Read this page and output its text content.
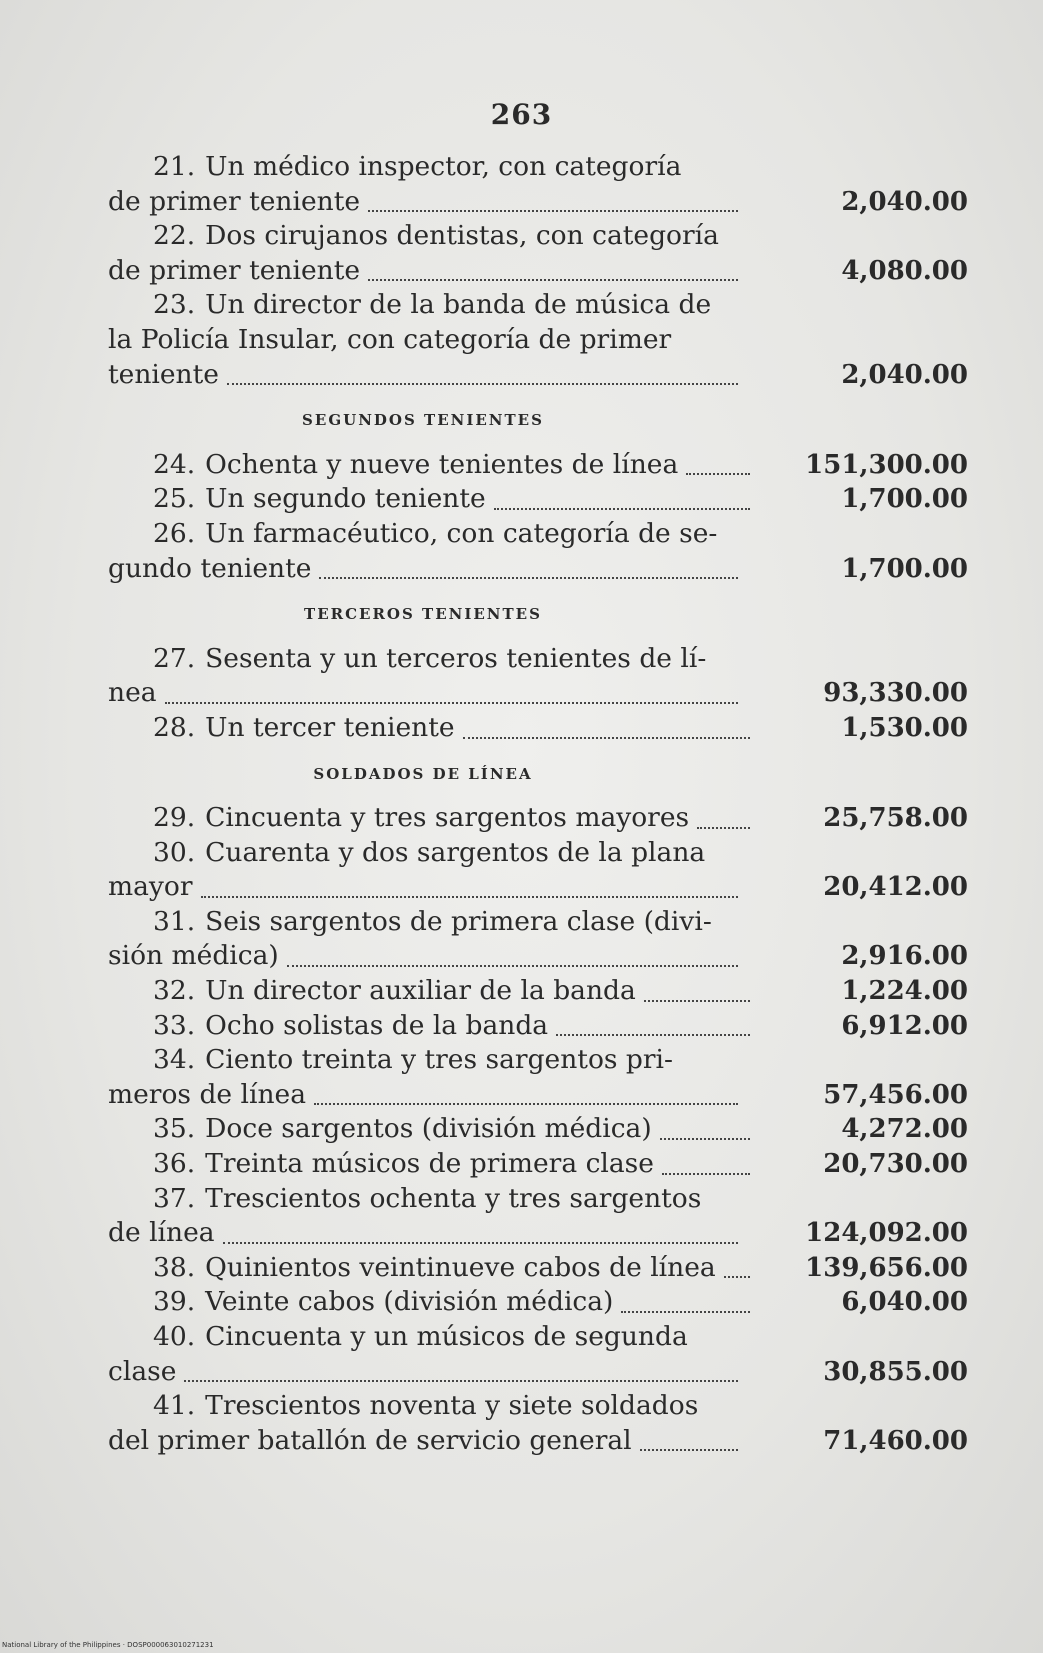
263
21. Un médico inspector, con categoría
de primer teniente	2,040.00
22. Dos cirujanos dentistas, con categoría
de primer teniente	4,080.00
23. Un director de la banda de música de
la Policía Insular, con categoría de primer
teniente	2,040.00
SEGUNDOS TENIENTES
24. Ochenta y nueve tenientes de línea	151,300.00
25. Un segundo teniente	1,700.00
26. Un farmacéutico, con categoría de se-
gundo teniente	1,700.00
TERCEROS TENIENTES
27. Sesenta y un terceros tenientes de lí-
nea	93,330.00
28. Un tercer teniente	1,530.00
SOLDADOS DE LÍNEA
29. Cincuenta y tres sargentos mayores	25,758.00
30. Cuarenta y dos sargentos de la plana
mayor	20,412.00
31. Seis sargentos de primera clase (divi-
sión médica)	2,916.00
32. Un director auxiliar de la banda	1,224.00
33. Ocho solistas de la banda	6,912.00
34. Ciento treinta y tres sargentos pri-
meros de línea	57,456.00
35. Doce sargentos (división médica)	4,272.00
36. Treinta músicos de primera clase	20,730.00
37. Trescientos ochenta y tres sargentos
de línea	124,092.00
38. Quinientos veintinueve cabos de línea	139,656.00
39. Veinte cabos (división médica)	6,040.00
40. Cincuenta y un músicos de segunda
clase	30,855.00
41. Trescientos noventa y siete soldados
del primer batallón de servicio general	71,460.00
National Library of the Philippines · DOSP000063010271231
